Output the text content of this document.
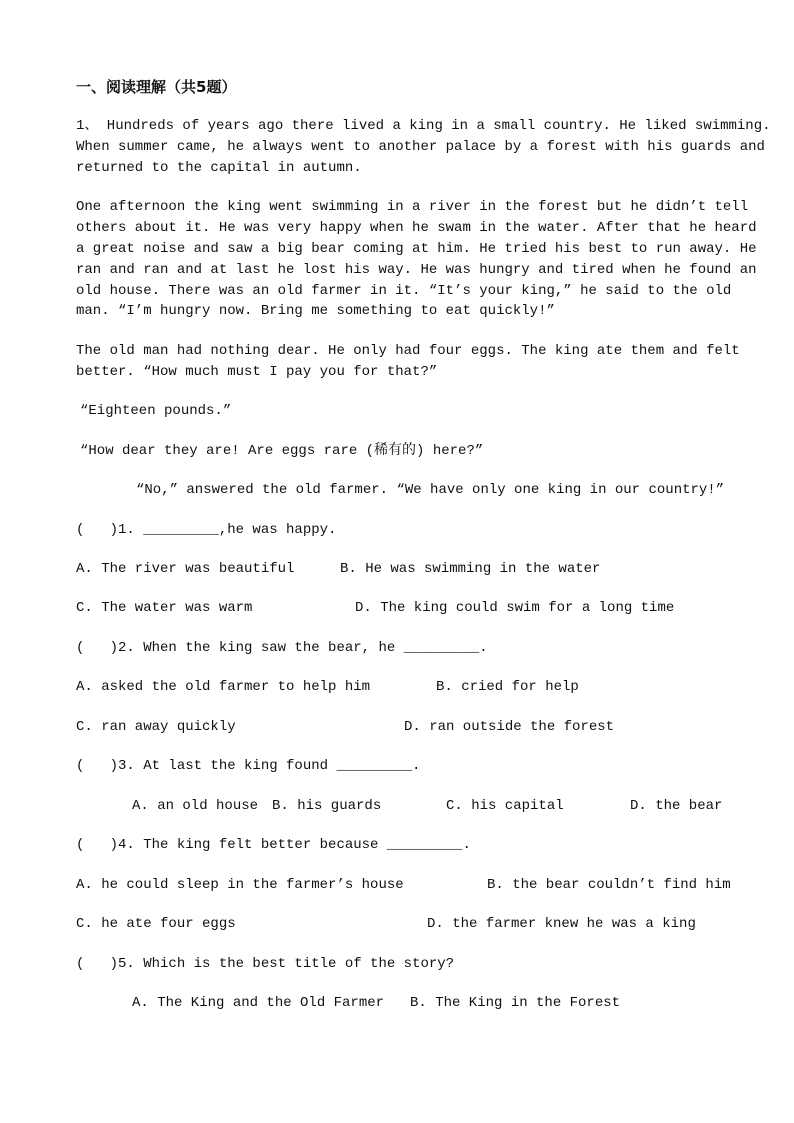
一、阅读理解（共5题）
1、 Hundreds of years ago there lived a king in a small country. He liked swimming.
When summer came, he always went to another palace by a forest with his guards and
returned to the capital in autumn.
One afternoon the king went swimming in a river in the forest but he didn’t tell
others about it. He was very happy when he swam in the water. After that he heard
a great noise and saw a big bear coming at him. He tried his best to run away. He
ran and ran and at last he lost his way. He was hungry and tired when he found an
old house. There was an old farmer in it. “It’s your king,” he said to the old
man. “I’m hungry now. Bring me something to eat quickly!”
The old man had nothing dear. He only had four eggs. The king ate them and felt
better. “How much must I pay you for that?”
“Eighteen pounds.”
“How dear they are! Are eggs rare (稀有的) here?”
“No,” answered the old farmer. “We have only one king in our country!”
(   )1. _________,he was happy.
A. The river was beautiful	B. He was swimming in the water
C. The water was warm	D. The king could swim for a long time
(   )2. When the king saw the bear, he _________.
A. asked the old farmer to help him	B. cried for help
C. ran away quickly	D. ran outside the forest
(   )3. At last the king found _________.
A. an old house B. his guards	C. his capital	D. the bear
(   )4. The king felt better because _________.
A. he could sleep in the farmer’s house	B. the bear couldn’t find him
C. he ate four eggs	D. the farmer knew he was a king
(   )5. Which is the best title of the story?
A. The King and the Old Farmer B. The King in the Forest
